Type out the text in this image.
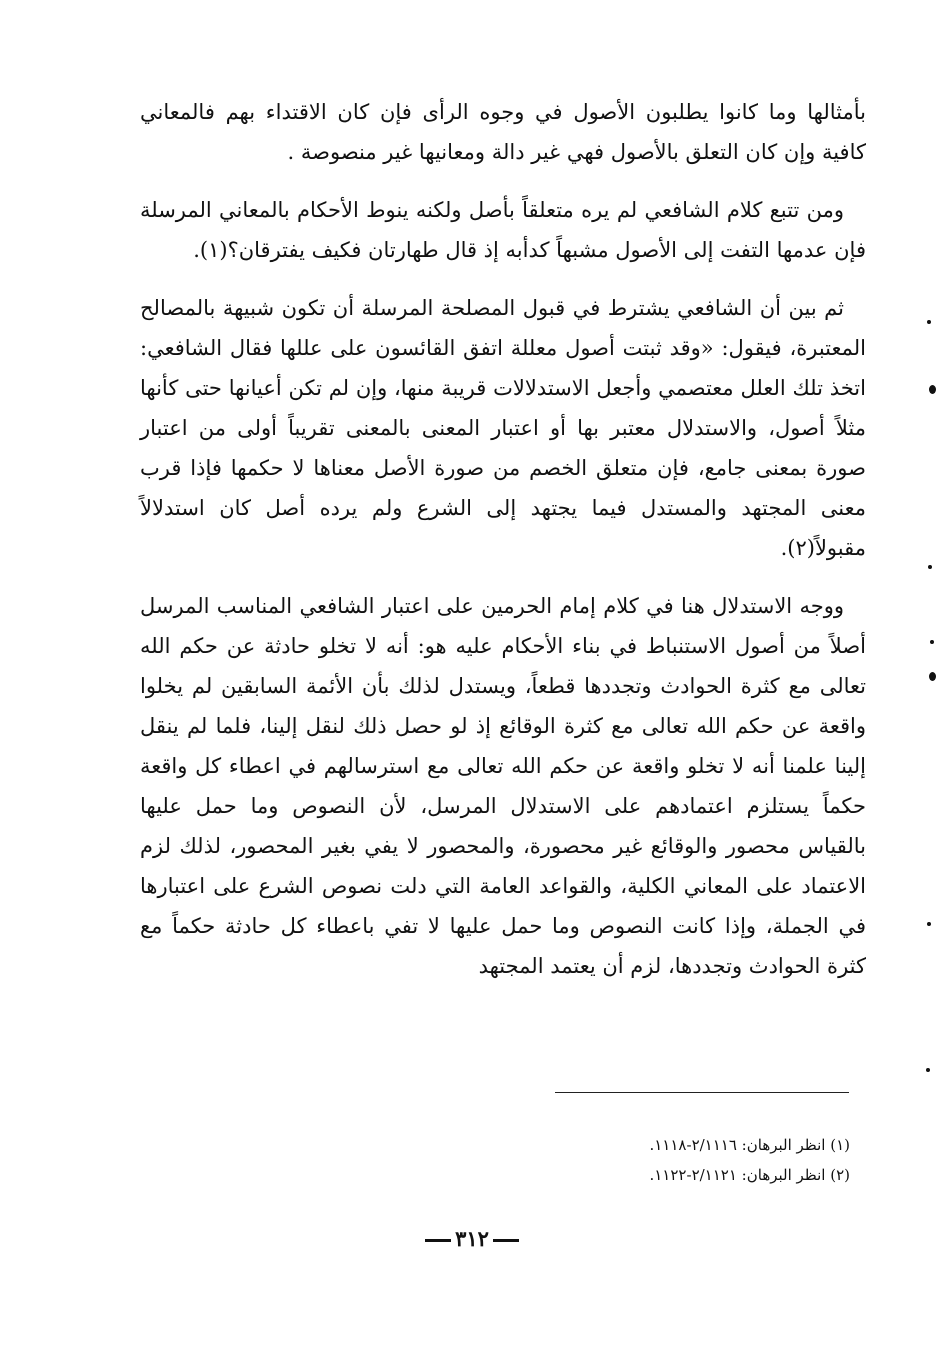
بأمثالها وما كانوا يطلبون الأصول في وجوه الرأى فإن كان الاقتداء بهم فالمعاني كافية وإن كان التعلق بالأصول فهي غير دالة ومعانيها غير منصوصة .

ومن تتبع كلام الشافعي لم يره متعلقاً بأصل ولكنه ينوط الأحكام بالمعاني المرسلة فإن عدمها التفت إلى الأصول مشبهاً كدأبه إذ قال طهارتان فكيف يفترقان؟(١).

ثم بين أن الشافعي يشترط في قبول المصلحة المرسلة أن تكون شبيهة بالمصالح المعتبرة، فيقول: «وقد ثبتت أصول معللة اتفق القائسون على عللها فقال الشافعي: اتخذ تلك العلل معتصمي وأجعل الاستدلالات قريبة منها، وإن لم تكن أعيانها حتى كأنها مثلاً أصول، والاستدلال معتبر بها أو اعتبار المعنى بالمعنى تقريباً أولى من اعتبار صورة بمعنى جامع، فإن متعلق الخصم من صورة الأصل معناها لا حكمها فإذا قرب معنى المجتهد والمستدل فيما يجتهد إلى الشرع ولم يرده أصل كان استدلالاً مقبولاً(٢).

ووجه الاستدلال هنا في كلام إمام الحرمين على اعتبار الشافعي المناسب المرسل أصلاً من أصول الاستنباط في بناء الأحكام عليه هو: أنه لا تخلو حادثة عن حكم الله تعالى مع كثرة الحوادث وتجددها قطعاً، ويستدل لذلك بأن الأئمة السابقين لم يخلوا واقعة عن حكم الله تعالى مع كثرة الوقائع إذ لو حصل ذلك لنقل إلينا، فلما لم ينقل إلينا علمنا أنه لا تخلو واقعة عن حكم الله تعالى مع استرسالهم في اعطاء كل واقعة حكماً يستلزم اعتمادهم على الاستدلال المرسل، لأن النصوص وما حمل عليها بالقياس محصور والوقائع غير محصورة، والمحصور لا يفي بغير المحصور، لذلك لزم الاعتماد على المعاني الكلية، والقواعد العامة التي دلت نصوص الشرع على اعتبارها في الجملة، وإذا كانت النصوص وما حمل عليها لا تفي باعطاء كل حادثة حكماً مع كثرة الحوادث وتجددها، لزم أن يعتمد المجتهد

(١) انظر البرهان: ٢/١١١٦-١١١٨.

(٢) انظر البرهان: ٢/١١٢١-١١٢٢.

٣١٢
